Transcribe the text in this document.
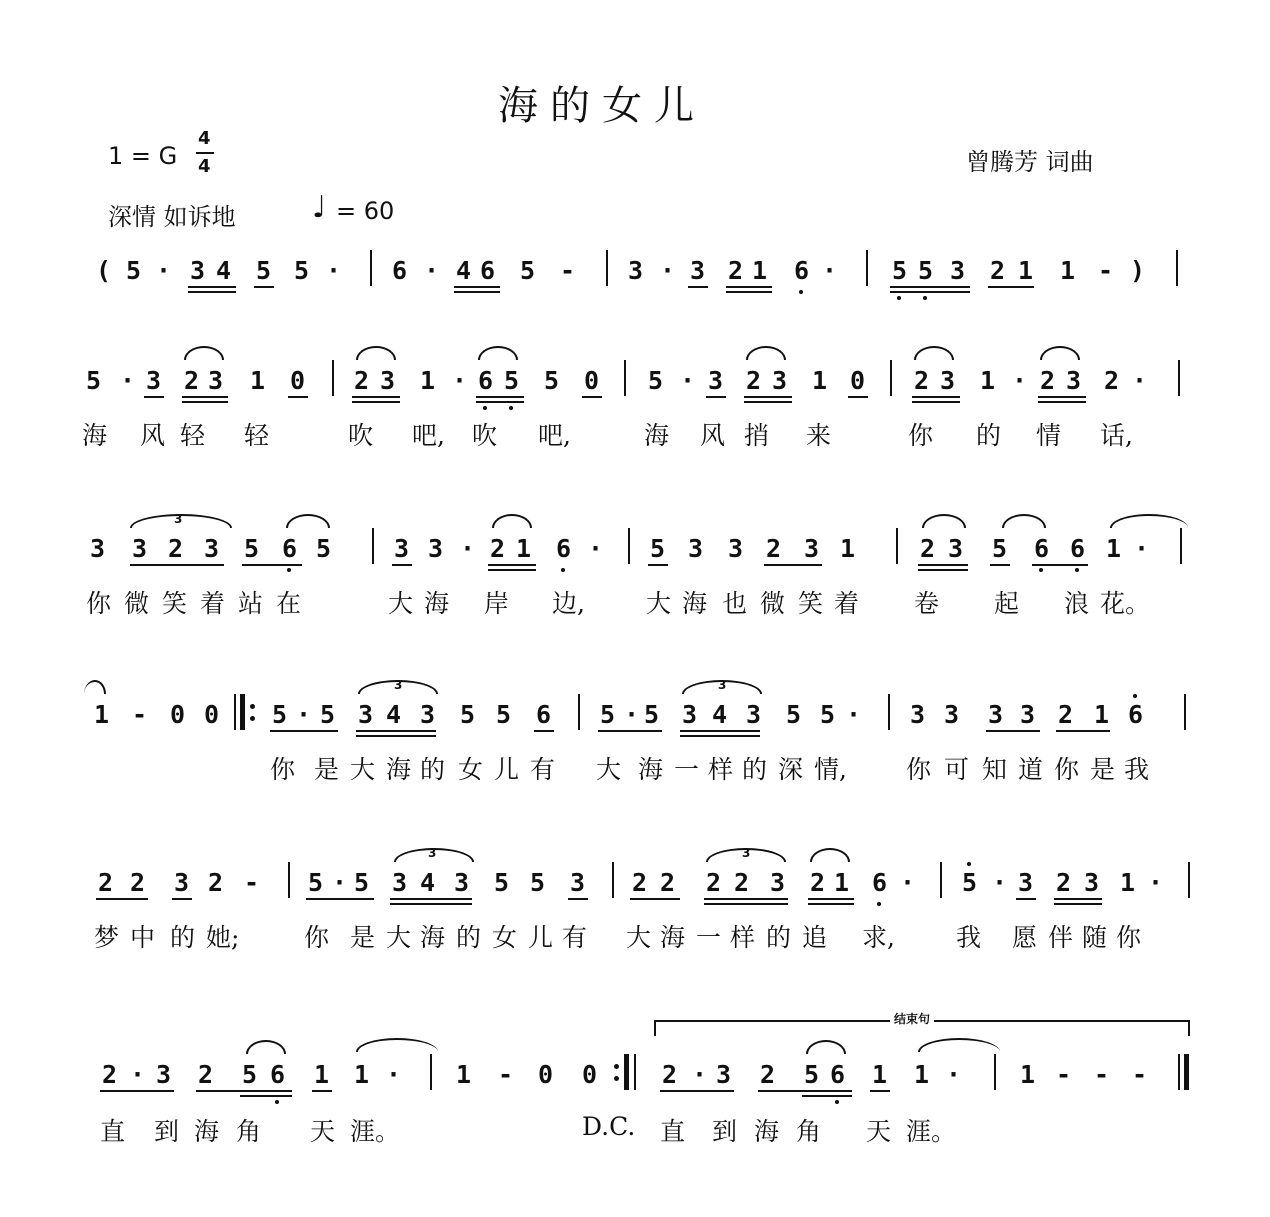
海的女儿
1 = G
4
4	曾腾芳 词曲
深情 如诉地	♩ = 60
( 5 · 3 4 5 5 · 6 · 4 6 5 - 3 · 3 2 1 6 · 5 5 3 2 1 1 - )
5 · 3 2 3 1 0 2 3 1 · 6 5 5 0 5 · 3 2 3 1 0 2 3 1 · 2 3 2 ·
海 风 轻 轻	吹 吧, 吹 吧,	海 风 捎 来	你 的 情 话,
3
3 3 2 3 5 6 5	3 3 · 2 1 6 · 5 3 3 2 3 1	2 3 5 6 6 1 ·
你 微 笑 着 站 在	大 海 岸 边, 大 海 也 微 笑 着 卷 起 浪 花。
3	3
1 - 0 0 5 · 5 3 4 3 5 5 6 5 · 5 3 4 3 5 5 · 3 3 3 3 2 1 6
你 是 大 海 的 女 儿 有 大 海 一 样 的 深 情, 你 可 知 道 你 是 我
3	3
2 2 3 2 - 5 · 5 3 4 3 5 5 3 2 2 2 2 3 2 1 6 · 5 · 3 2 3 1 ·
梦 中 的 她;	你 是 大 海 的 女 儿 有 大 海 一 样 的 追 求, 我 愿 伴 随 你
结束句
2 · 3 2 5 6 1 1 · 1 - 0 0	2 · 3 2 5 6 1 1 · 1 - - -
直 到 海 角 天 涯。	D.C. 直 到 海 角 天 涯。
